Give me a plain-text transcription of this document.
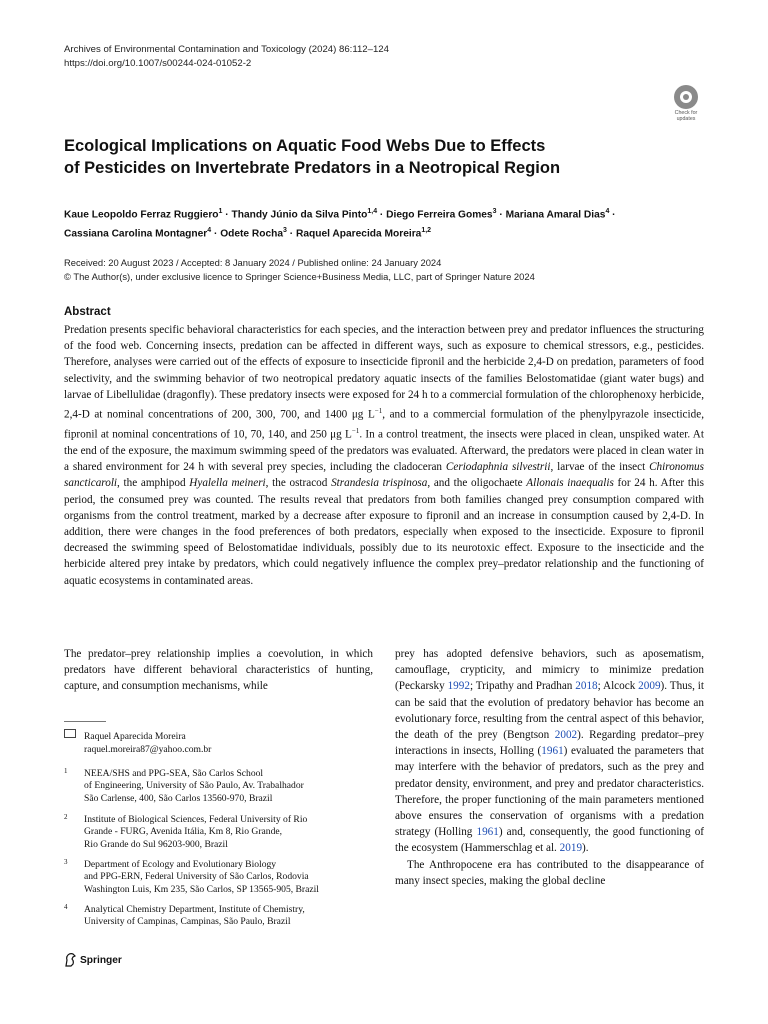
Archives of Environmental Contamination and Toxicology (2024) 86:112–124
https://doi.org/10.1007/s00244-024-01052-2
Check for
updates
Ecological Implications on Aquatic Food Webs Due to Effects
of Pesticides on Invertebrate Predators in a Neotropical Region
Kaue Leopoldo Ferraz Ruggiero$^1$ · Thandy Júnio da Silva Pinto$^{1,4}$ · Diego Ferreira Gomes$^3$ · Mariana Amaral Dias$^4$ ·
Cassiana Carolina Montagner$^4$ · Odete Rocha$^3$ · Raquel Aparecida Moreira$^{1,2}$
Received: 20 August 2023 / Accepted: 8 January 2024 / Published online: 24 January 2024
© The Author(s), under exclusive licence to Springer Science+Business Media, LLC, part of Springer Nature 2024
Abstract
Predation presents specific behavioral characteristics for each species, and the interaction between prey and predator influences the structuring of the food web. Concerning insects, predation can be affected in different ways, such as exposure to chemical stressors, e.g., pesticides. Therefore, analyses were carried out of the effects of exposure to insecticide fipronil and the herbicide 2,4-D on predation, parameters of food selectivity, and the swimming behavior of two neotropical predatory aquatic insects of the families Belostomatidae (giant water bugs) and larvae of Libellulidae (dragonfly). These predatory insects were exposed for 24 h to a commercial formulation of the chlorophenoxy herbicide, 2,4-D at nominal concentrations of 200, 300, 700, and 1400 μg $L^{-1}$, and to a commercial formulation of the phenylpyrazole insecticide, fipronil at nominal concentrations of 10, 70, 140, and 250 μg $L^{-1}$. In a control treatment, the insects were placed in clean, unspiked water. At the end of the exposure, the maximum swimming speed of the predators was evaluated. Afterward, the predators were placed in clean water in a shared environment for 24 h with several prey species, including the cladoceran Ceriodaphnia silvestrii, larvae of the insect Chironomus sancticaroli, the amphipod Hyalella meineri, the ostracod Strandesia trispinosa, and the oligochaete Allonais inaequalis for 24 h. After this period, the consumed prey was counted. The results reveal that predators from both families changed prey consumption compared with organisms from the control treatment, marked by a decrease after exposure to fipronil and an increase in consumption caused by 2,4-D. In addition, there were changes in the food preferences of both predators, especially when exposed to the insecticide. Exposure to fipronil decreased the swimming speed of Belostomatidae individuals, possibly due to its neurotoxic effect. Exposure to the insecticide and the herbicide altered prey intake by predators, which could negatively influence the complex prey–predator relationship and the functioning of aquatic ecosystems in contaminated areas.
The predator–prey relationship implies a coevolution, in which predators have different behavioral characteristics of hunting, capture, and consumption mechanisms, while

prey has adopted defensive behaviors, such as aposematism, camouflage, crypticity, and mimicry to minimize predation (Peckarsky 1992; Tripathy and Pradhan 2018; Alcock 2009). Thus, it can be said that the evolution of predatory behavior has become an evolutionary force, resulting from the central aspect of this behavior, the death of the prey (Bengtson 2002). Regarding predator–prey interactions in insects, Holling (1961) evaluated the parameters that may interfere with the behavior of predators, such as the prey and predator density, environment, and prey and predator characteristics. Therefore, the proper functioning of the main parameters mentioned above ensures the conservation of organisms with a predation strategy (Holling 1961) and, consequently, the good functioning of the ecosystem (Hammerschlag et al. 2019).

The Anthropocene era has contributed to the disappearance of many insect species, making the global decline

Raquel Aparecida Moreira
raquel.moreira87@yahoo.com.br
1 NEEA/SHS and PPG-SEA, São Carlos School
of Engineering, University of São Paulo, Av. Trabalhador
São Carlense, 400, São Carlos 13560-970, Brazil
2 Institute of Biological Sciences, Federal University of Rio
Grande - FURG, Avenida Itália, Km 8, Rio Grande,
Rio Grande do Sul 96203-900, Brazil
3 Department of Ecology and Evolutionary Biology
and PPG-ERN, Federal University of São Carlos, Rodovia
Washington Luis, Km 235, São Carlos, SP 13565-905, Brazil
4 Analytical Chemistry Department, Institute of Chemistry,
University of Campinas, Campinas, São Paulo, Brazil
Springer
